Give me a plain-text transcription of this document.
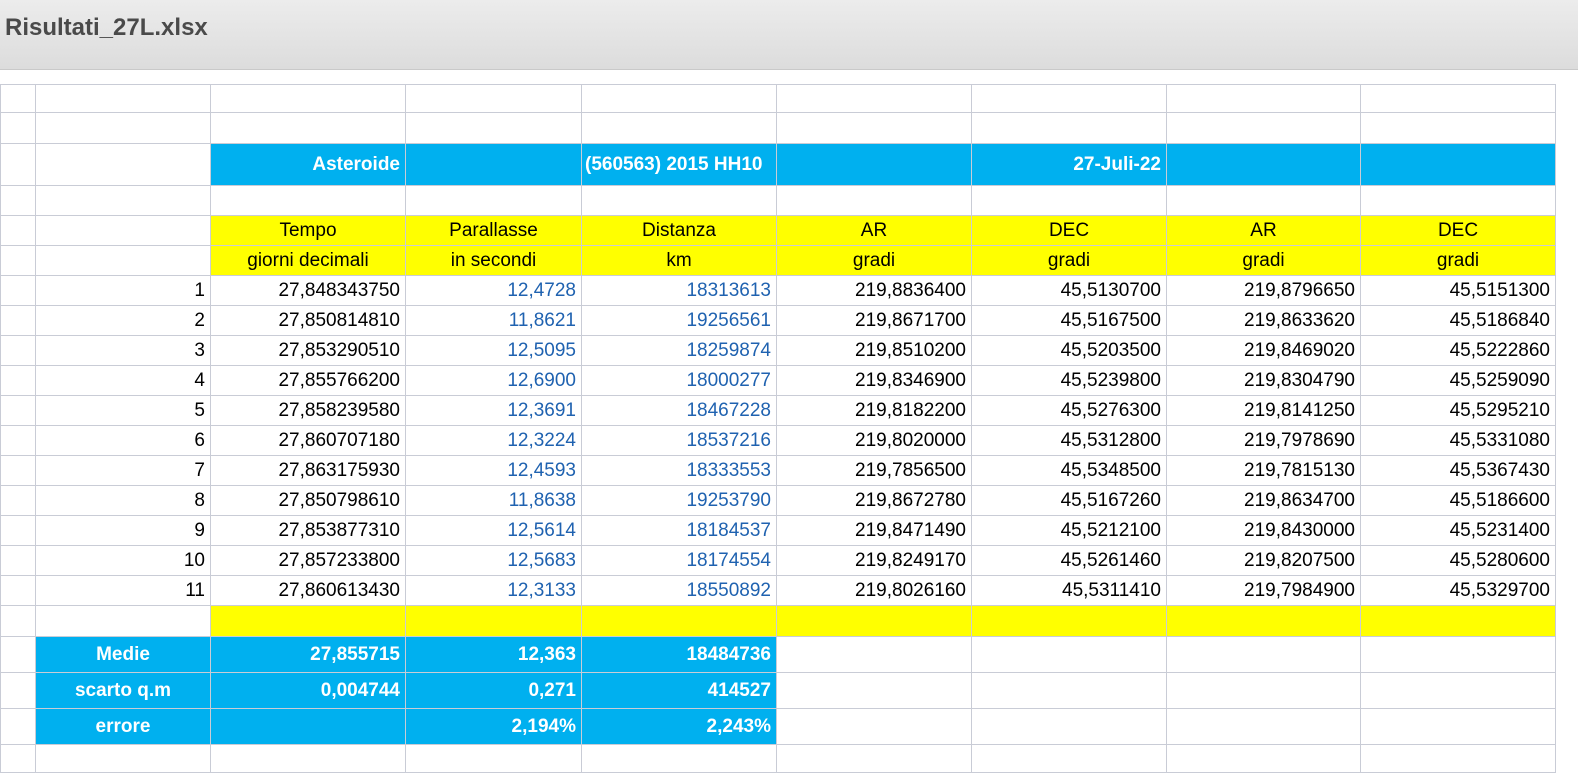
Risultati_27L.xlsx

		Asteroide		(560563) 2015 HH10		27-Juli-22		

		Tempo	Parallasse	Distanza	AR	DEC	AR	DEC
		giorni decimali	in secondi	km	gradi	gradi	gradi	gradi
	1	27,848343750	12,4728	18313613	219,8836400	45,5130700	219,8796650	45,5151300
	2	27,850814810	11,8621	19256561	219,8671700	45,5167500	219,8633620	45,5186840
	3	27,853290510	12,5095	18259874	219,8510200	45,5203500	219,8469020	45,5222860
	4	27,855766200	12,6900	18000277	219,8346900	45,5239800	219,8304790	45,5259090
	5	27,858239580	12,3691	18467228	219,8182200	45,5276300	219,8141250	45,5295210
	6	27,860707180	12,3224	18537216	219,8020000	45,5312800	219,7978690	45,5331080
	7	27,863175930	12,4593	18333553	219,7856500	45,5348500	219,7815130	45,5367430
	8	27,850798610	11,8638	19253790	219,8672780	45,5167260	219,8634700	45,5186600
	9	27,853877310	12,5614	18184537	219,8471490	45,5212100	219,8430000	45,5231400
	10	27,857233800	12,5683	18174554	219,8249170	45,5261460	219,8207500	45,5280600
	11	27,860613430	12,3133	18550892	219,8026160	45,5311410	219,7984900	45,5329700

	Medie	27,855715	12,363	18484736				
	scarto q.m	0,004744	0,271	414527				
	errore		2,194%	2,243%				
